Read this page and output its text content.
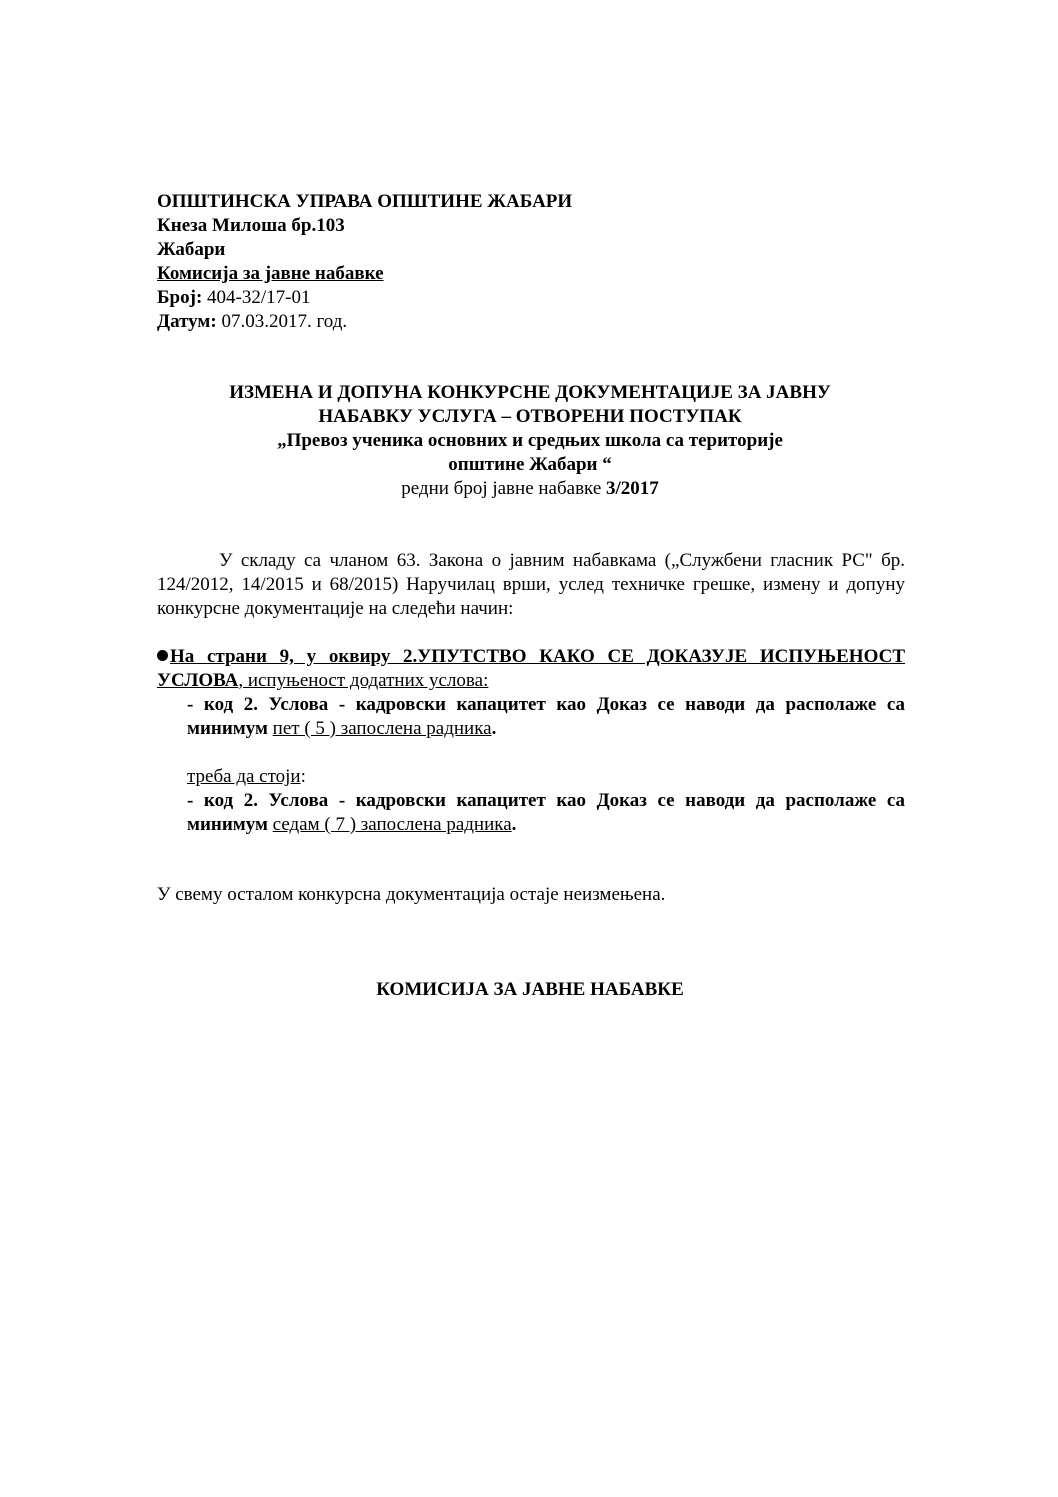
ОПШТИНСКА УПРАВА ОПШТИНЕ ЖАБАРИ
Кнеза Милоша бр.103
Жабари
Комисија за јавне набавке
Број: 404-32/17-01
Датум: 07.03.2017. год.
ИЗМЕНА И ДОПУНА КОНКУРСНЕ ДОКУМЕНТАЦИЈЕ ЗА ЈАВНУ
НАБАВКУ УСЛУГА – ОТВОРЕНИ ПОСТУПАК
„Превоз ученика основних и средњих школа са територије
општине Жабари “
редни број јавне набавке 3/2017

У складу са чланом 63. Закона о јавним набавкама („Службени гласник РС" бр. 124/2012, 14/2015 и 68/2015) Наручилац врши, услед техничке грешке, измену и допуну конкурсне документације на следећи начин:

На страни 9, у оквиру 2.УПУТСТВО КАКО СЕ ДОКАЗУЈЕ ИСПУЊЕНОСТ УСЛОВА, испуњеност додатних услова:

- код 2. Услова - кадровски капацитет као Доказ се наводи да располаже са минимум пет ( 5 ) запослена радника.

треба да стоји:

- код 2. Услова - кадровски капацитет као Доказ се наводи да располаже са минимум седам ( 7 ) запослена радника.

У свему осталом конкурсна документација остаје неизмењена.
КОМИСИЈА ЗА ЈАВНЕ НАБАВКЕ
